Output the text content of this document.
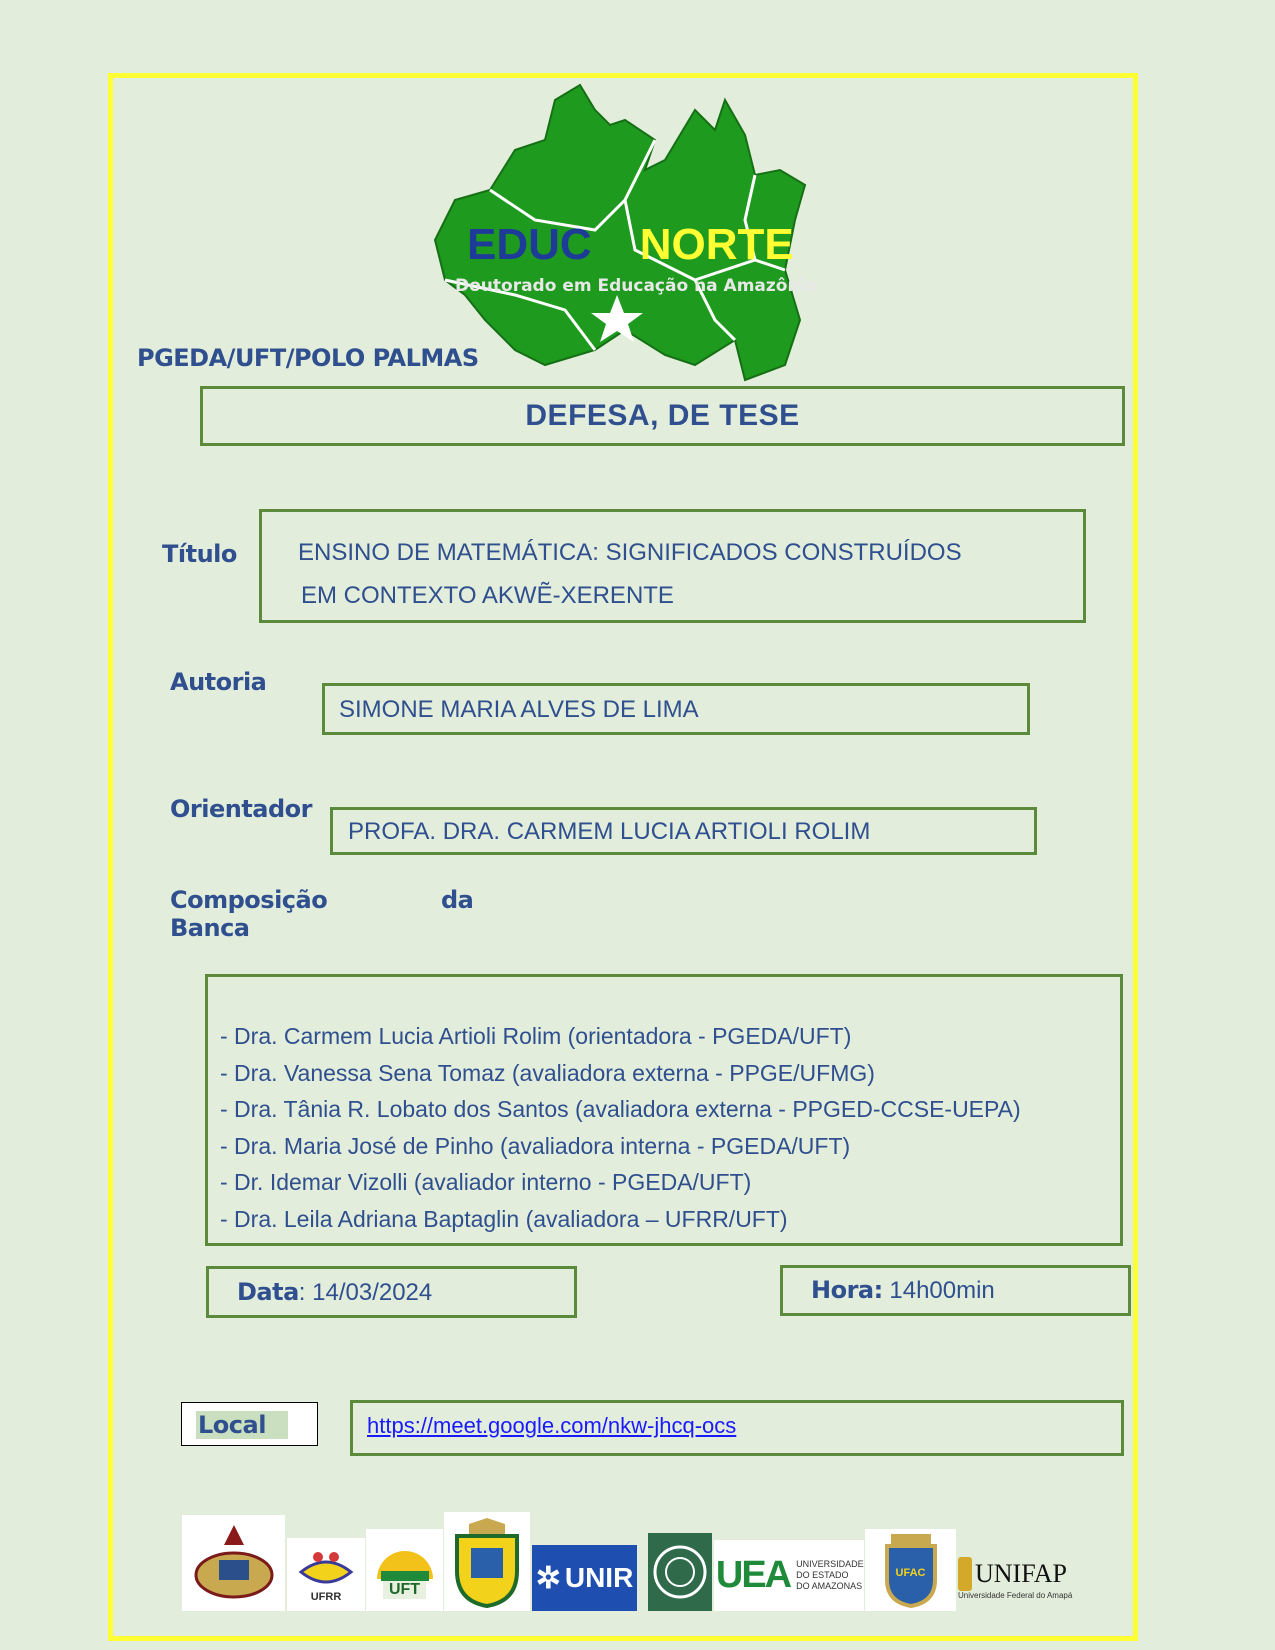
EDUC NORTE
Doutorado em Educação na Amazônia
PGEDA/UFT/POLO PALMAS
DEFESA, DE TESE
Título	ENSINO DE MATEMÁTICA: SIGNIFICADOS CONSTRUÍDOS
EM CONTEXTO AKWẼ-XERENTE
Autoria
SIMONE MARIA ALVES DE LIMA
Orientador
PROFA. DRA. CARMEM LUCIA ARTIOLI ROLIM
Composição	da
Banca
- Dra. Carmem Lucia Artioli Rolim (orientadora - PGEDA/UFT)
- Dra. Vanessa Sena Tomaz (avaliadora externa - PPGE/UFMG)
- Dra. Tânia R. Lobato dos Santos (avaliadora externa - PPGED-CCSE-UEPA)
- Dra. Maria José de Pinho (avaliadora interna - PGEDA/UFT)
- Dr. Idemar Vizolli (avaliador interno - PGEDA/UFT)
- Dra. Leila Adriana Baptaglin (avaliadora – UFRR/UFT)
Data: 14/03/2024	Hora: 14h00min
Local	https://meet.google.com/nkw-jhcq-ocs
UFRR	UFT	✲ UNIR UEA UNIVERSIDADE DO ESTADO DO AMAZONAS
UFAC UNIFAP
Universidade Federal do Amapá
